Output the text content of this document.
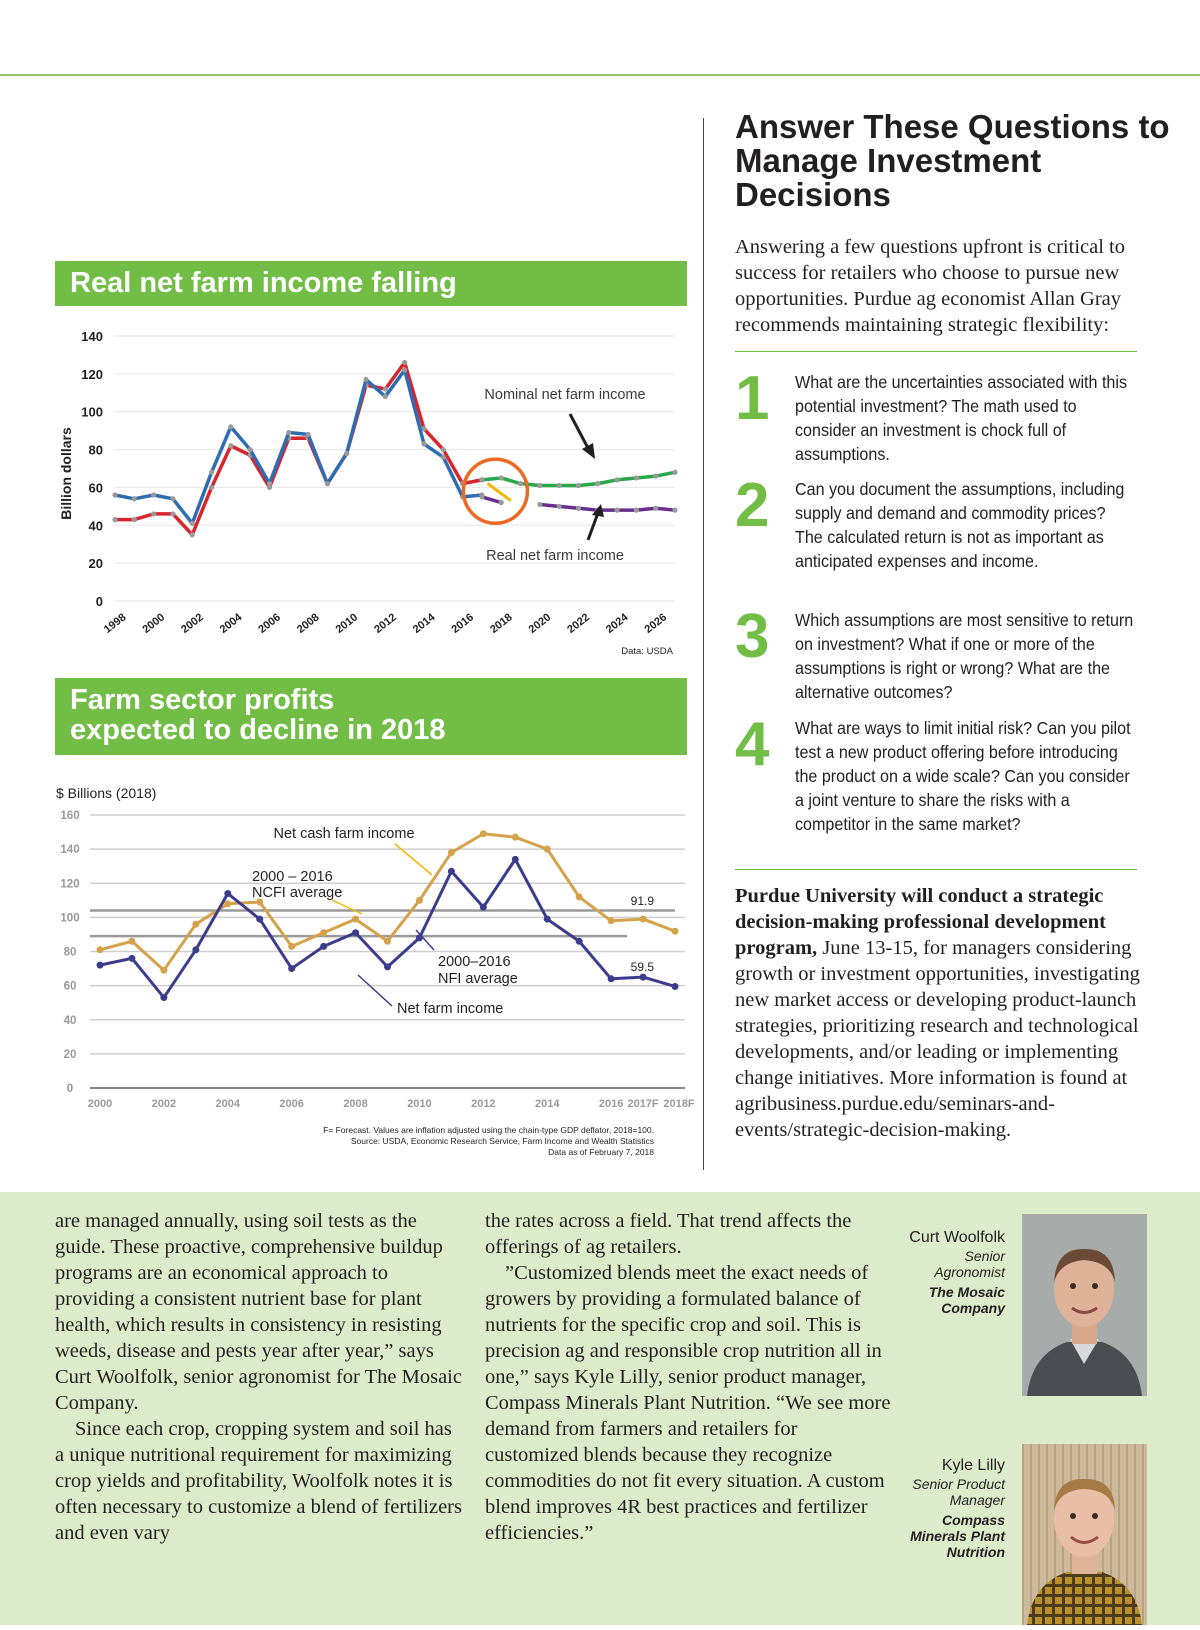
Real net farm income falling
0
20
40
60
80
100
120
140
Billion dollars
1998 2000 2002 2004 2006 2008 2010 2012 2014 2016 2018 2020 2022 2024 2026
Nominal net farm income
Real net farm income
Data: USDA
Farm sector profits
expected to decline in 2018
$ Billions (2018)
0
20
40
60
80
100
120
140
160
2000	2002	2004	2006	2008	2010	2012	2014	2016 2017F 2018F
Net cash farm income
2000 – 2016
NCFI average
2000–2016
NFI average
Net farm income
91.9
59.5
F= Forecast. Values are inflation adjusted using the chain-type GDP deflator, 2018=100.
Source: USDA, Economic Research Service, Farm Income and Wealth Statistics
Data as of February 7, 2018
Answer These Questions to Manage Investment Decisions
Answering a few questions upfront is critical to success for retailers who choose to pursue new opportunities. Purdue ag economist Allan Gray recommends maintaining strategic flexibility:
1 What are the uncertainties associated with this potential investment? The math used to consider an investment is chock full of assumptions.
2 Can you document the assumptions, including supply and demand and commodity prices? The calculated return is not as important as anticipated expenses and income.
3 Which assumptions are most sensitive to return on investment? What if one or more of the assumptions is right or wrong? What are the alternative outcomes?
4 What are ways to limit initial risk? Can you pilot test a new product offering before introducing the product on a wide scale? Can you consider a joint venture to share the risks with a competitor in the same market?
Purdue University will conduct a strategic decision-making professional development program, June 13-15, for managers considering growth or investment opportunities, investigating new market access or developing product-launch strategies, prioritizing research and technological developments, and/or leading or implementing change initiatives. More information is found at agribusiness.purdue.edu/seminars-and-events/strategic-decision-making.

are managed annually, using soil tests as the guide. These proactive, comprehensive buildup programs are an economical approach to providing a consistent nutrient base for plant health, which results in consistency in resisting weeds, disease and pests year after year,” says Curt Woolfolk, senior agronomist for The Mosaic Company.

Since each crop, cropping system and soil has a unique nutritional requirement for maximizing crop yields and profitability, Woolfolk notes it is often necessary to customize a blend of fertilizers and even vary

the rates across a field. That trend affects the offerings of ag retailers.

”Customized blends meet the exact needs of growers by providing a formulated balance of nutrients for the specific crop and soil. This is precision ag and responsible crop nutrition all in one,” says Kyle Lilly, senior product manager, Compass Minerals Plant Nutrition. “We see more demand from farmers and retailers for customized blends because they recognize commodities do not fit every situation. A custom blend improves 4R best practices and fertilizer efficiencies.”

Curt Woolfolk
Senior
Agronomist
The Mosaic
Company
Kyle Lilly
Senior Product
Manager
Compass
Minerals Plant
Nutrition
